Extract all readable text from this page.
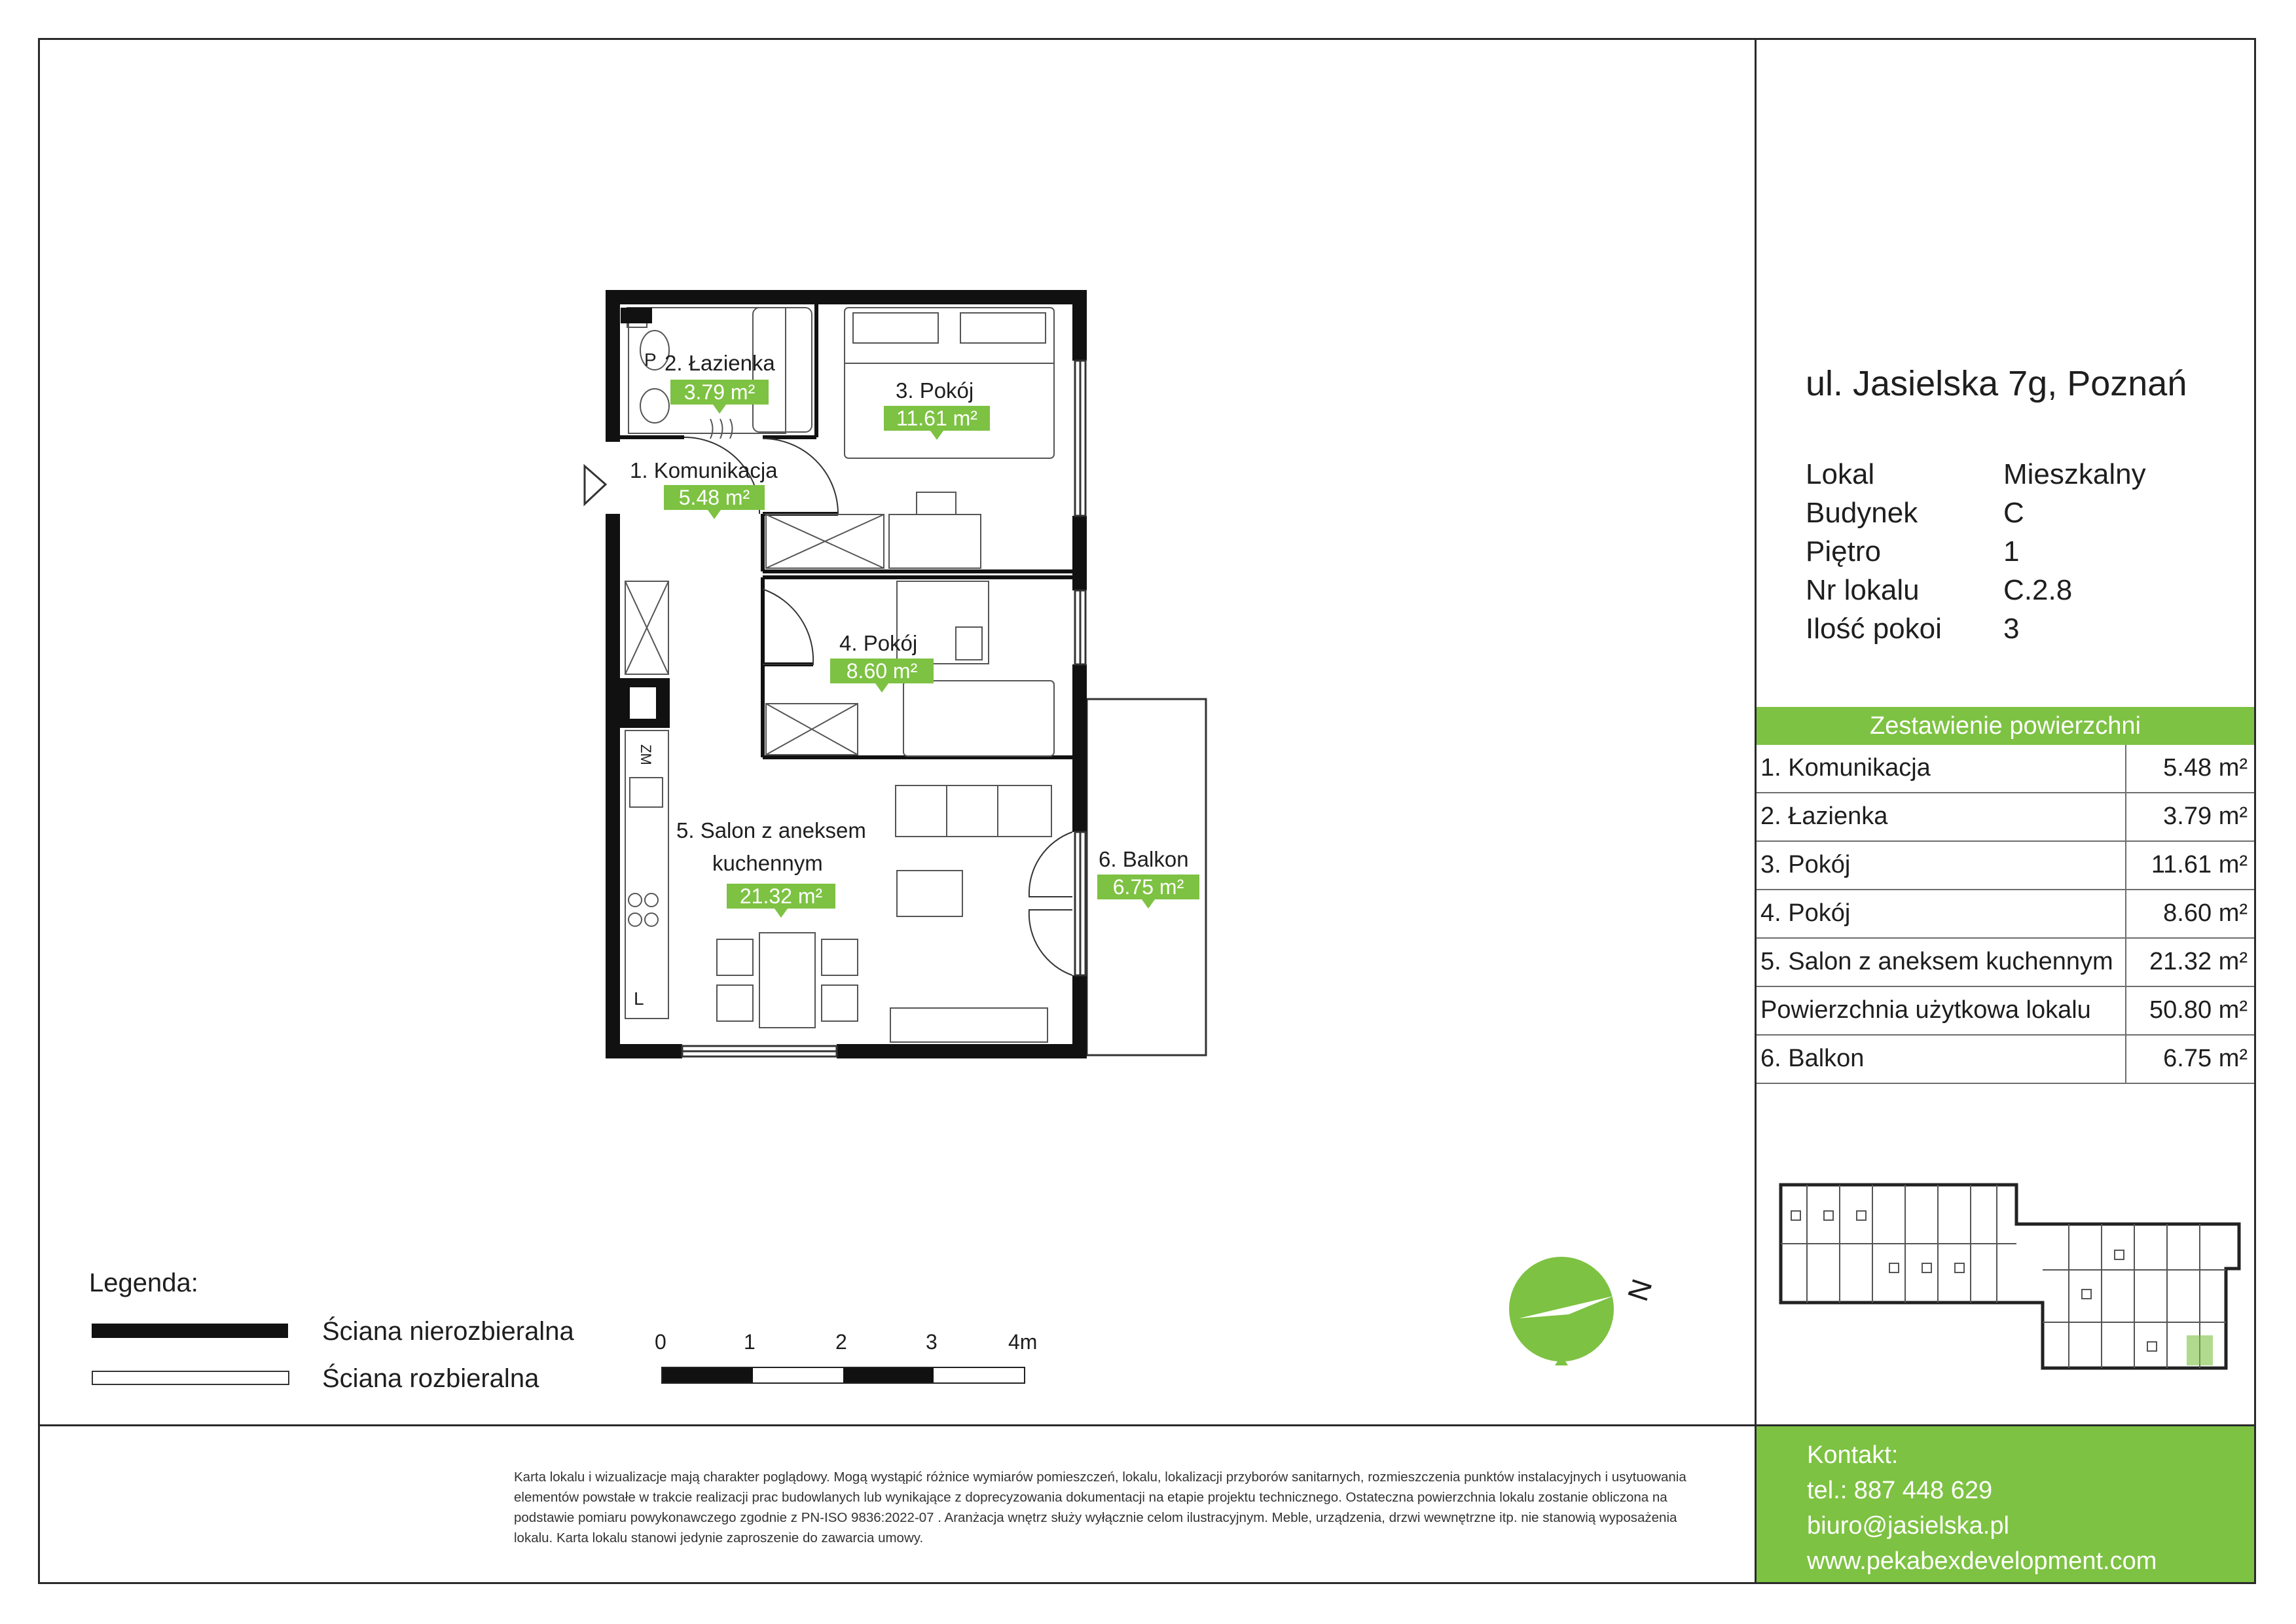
P
ZM
L
2. Łazienka
3.79 m²	3. Pokój
11.61 m²
1. Komunikacja
5.48 m²
4. Pokój
8.60 m²
5. Salon z aneksem
kuchennym
21.32 m²
6. Balkon
6.75 m²
ul. Jasielska 7g, Poznań
Lokal	Mieszkalny
Budynek	C
Piętro	1
Nr lokalu	C.2.8
Ilość pokoi 3
Zestawienie powierzchni
1. Komunikacja	5.48 m²
2. Łazienka	3.79 m²
3. Pokój	11.61 m²
4. Pokój	8.60 m²
5. Salon z aneksem kuchennym 21.32 m²
Powierzchnia użytkowa lokalu 50.80 m²
6. Balkon	6.75 m²
Legenda:
Ściana nierozbieralna
Ściana rozbieralna
0	1	2	3	4m
N
Karta lokalu i wizualizacje mają charakter poglądowy. Mogą wystąpić różnice wymiarów pomieszczeń, lokalu, lokalizacji przyborów sanitarnych, rozmieszczenia punktów instalacyjnych i usytuowania elementów powstałe w trakcie realizacji prac budowlanych lub wynikające z doprecyzowania dokumentacji na etapie projektu technicznego. Ostateczna powierzchnia lokalu zostanie obliczona na podstawie pomiaru powykonawczego zgodnie z PN-ISO 9836:2022-07 . Aranżacja wnętrz służy wyłącznie celom ilustracyjnym. Meble, urządzenia, drzwi wewnętrzne itp. nie stanowią wyposażenia lokalu. Karta lokalu stanowi jedynie zaproszenie do zawarcia umowy.
Kontakt:
tel.: 887 448 629
biuro@jasielska.pl
www.pekabexdevelopment.com
